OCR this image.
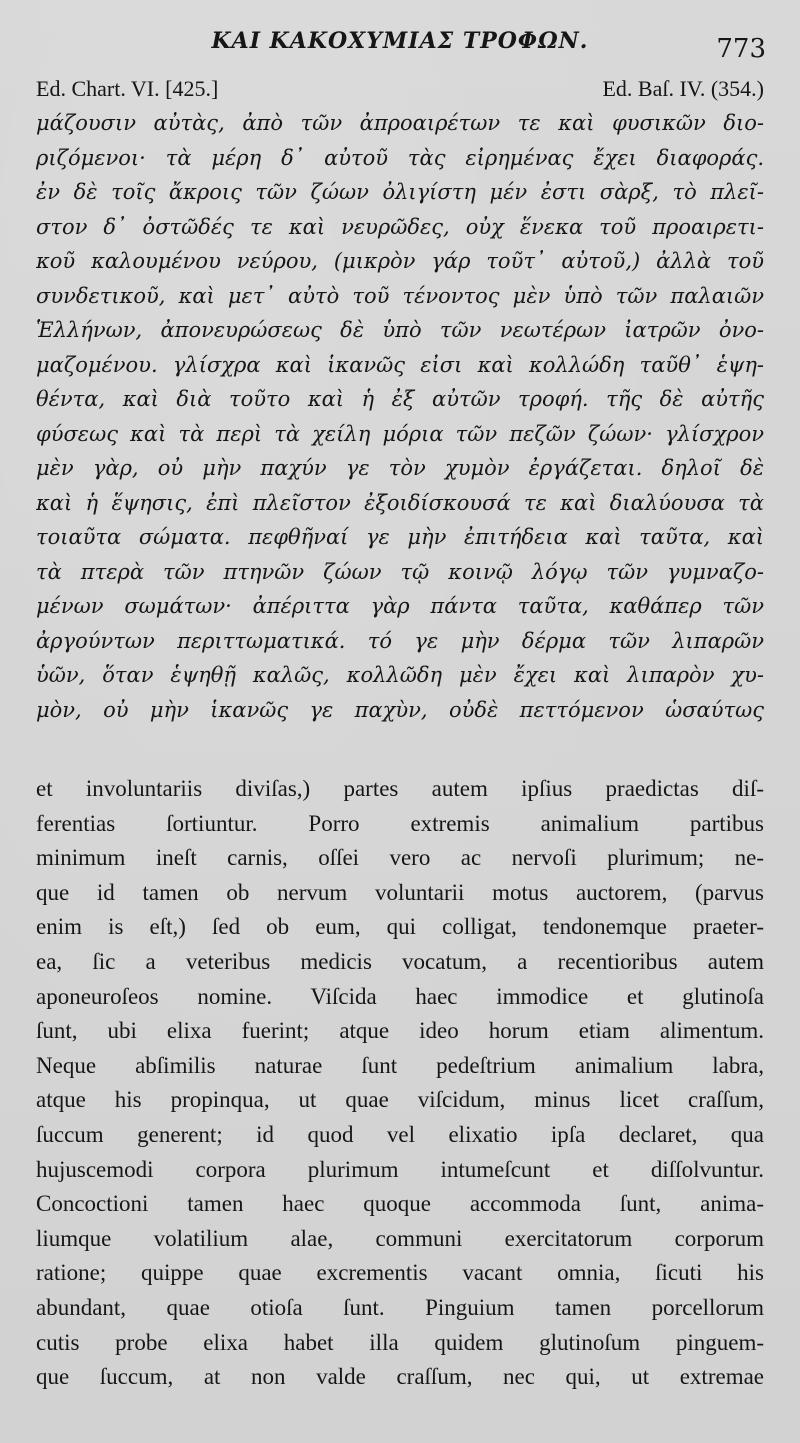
ΚΑΙ ΚΑΚΟΧΥΜΙΑΣ ΤΡΟΦΩΝ.	773
Ed. Chart. VI. [425.]	Ed. Baſ. IV. (354.)
μάζουσιν αὐτὰς, ἀπὸ τῶν ἀπροαιρέτων τε καὶ φυσικῶν διο-
ριζόμενοι· τὰ μέρη δ᾽ αὐτοῦ τὰς εἰρημένας ἔχει διαφοράς.
ἐν δὲ τοῖς ἄκροις τῶν ζώων ὀλιγίστη μέν ἐστι σὰρξ, τὸ πλεῖ-
στον δ᾽ ὀστῶδές τε καὶ νευρῶδες, οὐχ ἕνεκα τοῦ προαιρετι-
κοῦ καλουμένου νεύρου, (μικρὸν γάρ τοῦτ᾽ αὐτοῦ,) ἀλλὰ τοῦ
συνδετικοῦ, καὶ μετ᾽ αὐτὸ τοῦ τένοντος μὲν ὑπὸ τῶν παλαιῶν
Ἑλλήνων, ἀπονευρώσεως δὲ ὑπὸ τῶν νεωτέρων ἰατρῶν ὀνο-
μαζομένου. γλίσχρα καὶ ἱκανῶς εἰσι καὶ κολλώδη ταῦθ᾽ ἑψη-
θέντα, καὶ διὰ τοῦτο καὶ ἡ ἐξ αὐτῶν τροφή. τῆς δὲ αὐτῆς
φύσεως καὶ τὰ περὶ τὰ χείλη μόρια τῶν πεζῶν ζώων· γλίσχρον
μὲν γὰρ, οὐ μὴν παχύν γε τὸν χυμὸν ἐργάζεται. δηλοῖ δὲ
καὶ ἡ ἕψησις, ἐπὶ πλεῖστον ἐξοιδίσκουσά τε καὶ διαλύουσα τὰ
τοιαῦτα σώματα. πεφθῆναί γε μὴν ἐπιτήδεια καὶ ταῦτα, καὶ
τὰ πτερὰ τῶν πτηνῶν ζώων τῷ κοινῷ λόγῳ τῶν γυμναζο-
μένων σωμάτων· ἀπέριττα γὰρ πάντα ταῦτα, καθάπερ τῶν
ἀργούντων περιττωματικά. τό γε μὴν δέρμα τῶν λιπαρῶν
ὑῶν, ὅταν ἑψηθῇ καλῶς, κολλῶδη μὲν ἔχει καὶ λιπαρὸν χυ-
μὸν, οὐ μὴν ἱκανῶς γε παχὺν, οὐδὲ πεττόμενον ὡσαύτως
et involuntariis diviſas,) partes autem ipſius praedictas diſ-
ferentias ſortiuntur. Porro extremis animalium partibus
minimum ineſt carnis, oſſei vero ac nervoſi plurimum; ne-
que id tamen ob nervum voluntarii motus auctorem, (parvus
enim is eſt,) ſed ob eum, qui colligat, tendonemque praeter-
ea, ſic a veteribus medicis vocatum, a recentioribus autem
aponeuroſeos nomine. Viſcida haec immodice et glutinoſa
ſunt, ubi elixa fuerint; atque ideo horum etiam alimentum.
Neque abſimilis naturae ſunt pedeſtrium animalium labra,
atque his propinqua, ut quae viſcidum, minus licet craſſum,
ſuccum generent; id quod vel elixatio ipſa declaret, qua
hujuscemodi corpora plurimum intumeſcunt et diſſolvuntur.
Concoctioni tamen haec quoque accommoda ſunt, anima-
liumque volatilium alae, communi exercitatorum corporum
ratione; quippe quae excrementis vacant omnia, ſicuti his
abundant, quae otioſa ſunt. Pinguium tamen porcellorum
cutis probe elixa habet illa quidem glutinoſum pinguem-
que ſuccum, at non valde craſſum, nec qui, ut extremae
